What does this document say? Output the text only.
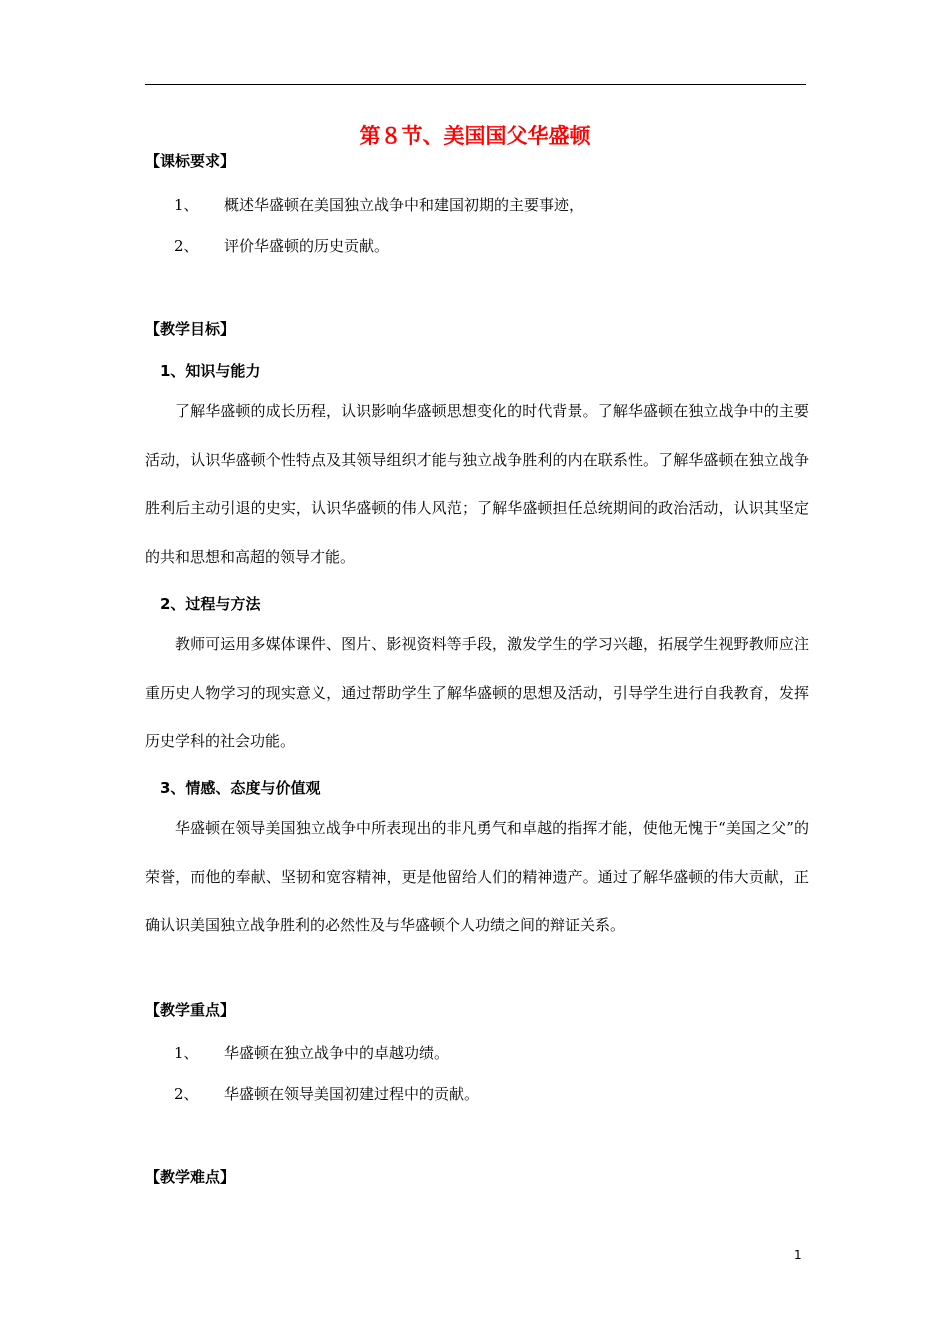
第８节、美国国父华盛顿
【课标要求】
1、 概述华盛顿在美国独立战争中和建国初期的主要事迹，
2、 评价华盛顿的历史贡献。
【教学目标】
1、知识与能力

了解华盛顿的成长历程，认识影响华盛顿思想变化的时代背景。了解华盛顿在独立战争中的主要活动，认识华盛顿个性特点及其领导组织才能与独立战争胜利的内在联系性。了解华盛顿在独立战争胜利后主动引退的史实，认识华盛顿的伟人风范；了解华盛顿担任总统期间的政治活动，认识其坚定的共和思想和高超的领导才能。

2、过程与方法

教师可运用多媒体课件、图片、影视资料等手段，激发学生的学习兴趣，拓展学生视野教师应注重历史人物学习的现实意义，通过帮助学生了解华盛顿的思想及活动，引导学生进行自我教育，发挥历史学科的社会功能。

3、情感、态度与价值观

华盛顿在领导美国独立战争中所表现出的非凡勇气和卓越的指挥才能，使他无愧于“美国之父”的荣誉，而他的奉献、坚韧和宽容精神，更是他留给人们的精神遗产。通过了解华盛顿的伟大贡献，正确认识美国独立战争胜利的必然性及与华盛顿个人功绩之间的辩证关系。

【教学重点】
1、 华盛顿在独立战争中的卓越功绩。
2、 华盛顿在领导美国初建过程中的贡献。
【教学难点】
1
